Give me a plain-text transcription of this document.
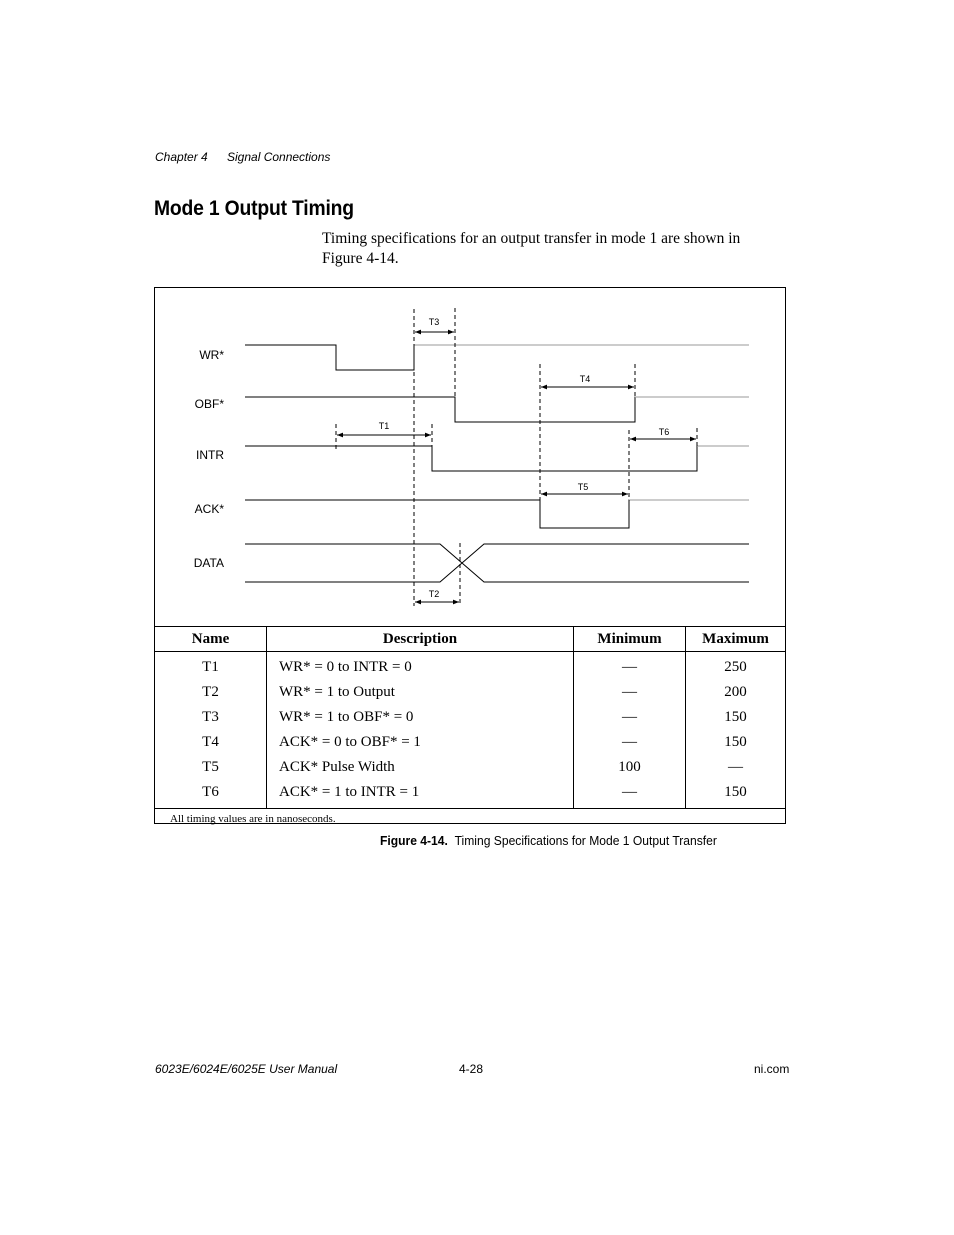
Chapter 4 Signal Connections
Mode 1 Output Timing
Timing specifications for an output transfer in mode 1 are shown in Figure 4-14.
WR*
OBF*
INTR
ACK*
DATA
T1
T2
T3
T4
T5
T6
Name	Description	Minimum	Maximum
T1	WR* = 0 to INTR = 0	—	250
T2	WR* = 1 to Output	—	200
T3	WR* = 1 to OBF* = 0	—	150
T4	ACK* = 0 to OBF* = 1	—	150
T5	ACK* Pulse Width	100	—
T6	ACK* = 1 to INTR = 1	—	150
All timing values are in nanoseconds.			
Figure 4-14. Timing Specifications for Mode 1 Output Transfer
6023E/6024E/6025E User Manual	4-28	ni.com
